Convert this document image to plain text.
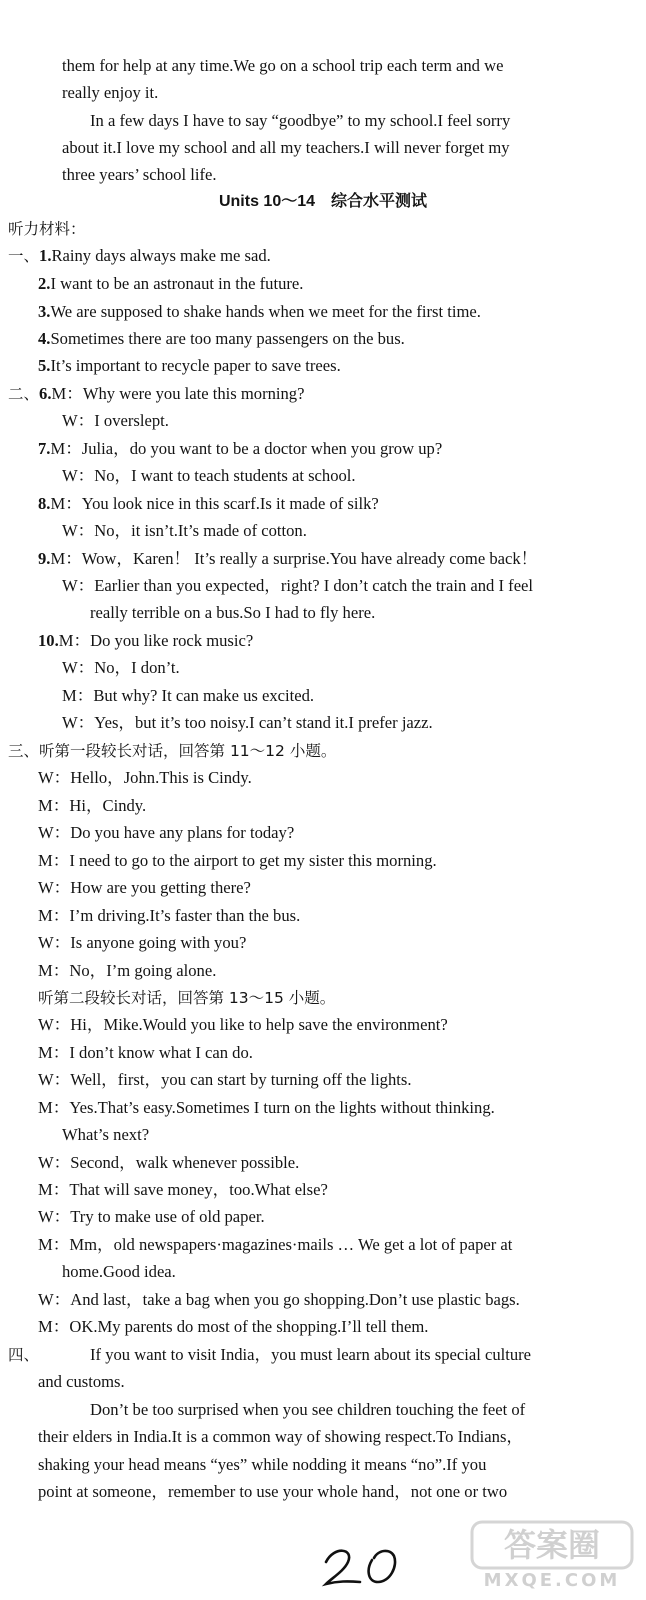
them for help at any time.We go on a school trip each term and we
really enjoy it.
In a few days I have to say “goodbye” to my school.I feel sorry
about it.I love my school and all my teachers.I will never forget my
three years’ school life.
Units 10～14　综合水平测试
听力材料：
一、1.Rainy days always make me sad.
2.I want to be an astronaut in the future.
3.We are supposed to shake hands when we meet for the first time.
4.Sometimes there are too many passengers on the bus.
5.It’s important to recycle paper to save trees.
二、6.M：Why were you late this morning?
W：I overslept.
7.M：Julia，do you want to be a doctor when you grow up?
W：No，I want to teach students at school.
8.M：You look nice in this scarf.Is it made of silk?
W：No，it isn’t.It’s made of cotton.
9.M：Wow，Karen！ It’s really a surprise.You have already come back！
W：Earlier than you expected，right? I don’t catch the train and I feel
really terrible on a bus.So I had to fly here.
10.M：Do you like rock music?
W：No，I don’t.
M：But why? It can make us excited.
W：Yes，but it’s too noisy.I can’t stand it.I prefer jazz.
三、听第一段较长对话，回答第 11～12 小题。
W：Hello，John.This is Cindy.
M：Hi，Cindy.
W：Do you have any plans for today?
M：I need to go to the airport to get my sister this morning.
W：How are you getting there?
M：I’m driving.It’s faster than the bus.
W：Is anyone going with you?
M：No，I’m going alone.
听第二段较长对话，回答第 13～15 小题。
W：Hi，Mike.Would you like to help save the environment?
M：I don’t know what I can do.
W：Well，first，you can start by turning off the lights.
M：Yes.That’s easy.Sometimes I turn on the lights without thinking.
What’s next?
W：Second，walk whenever possible.
M：That will save money，too.What else?
W：Try to make use of old paper.
M：Mm，old newspapers·magazines·mails … We get a lot of paper at
home.Good idea.
W：And last，take a bag when you go shopping.Don’t use plastic bags.
M：OK.My parents do most of the shopping.I’ll tell them.
四、	If you want to visit India，you must learn about its special culture
and customs.
Don’t be too surprised when you see children touching the feet of
their elders in India.It is a common way of showing respect.To Indians，
shaking your head means “yes” while nodding it means “no”.If you
point at someone，remember to use your whole hand，not one or two
答案圈
MXQE.COM
